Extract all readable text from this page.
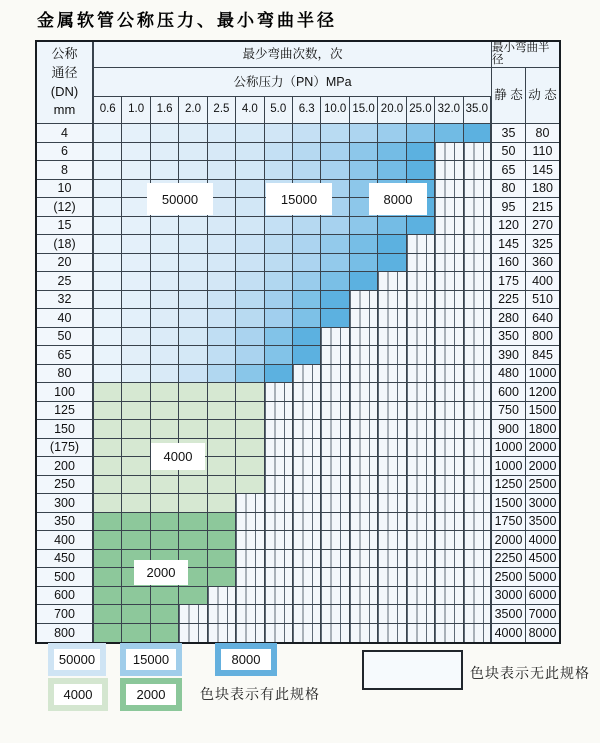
金属软管公称压力、最小弯曲半径
公称
通径
(DN)
mm
最少弯曲次数，次	最小弯曲半径
公称压力（PN）MPa
静 态 动 态
0.6	1.0	1.6	2.0	2.5	4.0	5.0	6.3 10.0 15.0 20.0 25.0 32.0 35.0
4	35	80
6	50	110
8	65	145
10	80	180
(12)	95	215
15	120	270
(18)	145	325
20	160	360
25	175	400
32	225	510
40	280	640
50	350	800
65	390	845
80	480 1000
100	600 1200
125	750 1500
150	900 1800
(175)	1000 2000
200	1000 2000
250	1250 2500
300	1500 3000
350	1750 3500
400	2000 4000
450	2250 4500
500	2500 5000
600	3000 6000
700	3500 7000
800	4000 8000
50000	15000	8000
4000
2000
50000	15000	8000
4000	2000	色块表示有此规格
色块表示无此规格
